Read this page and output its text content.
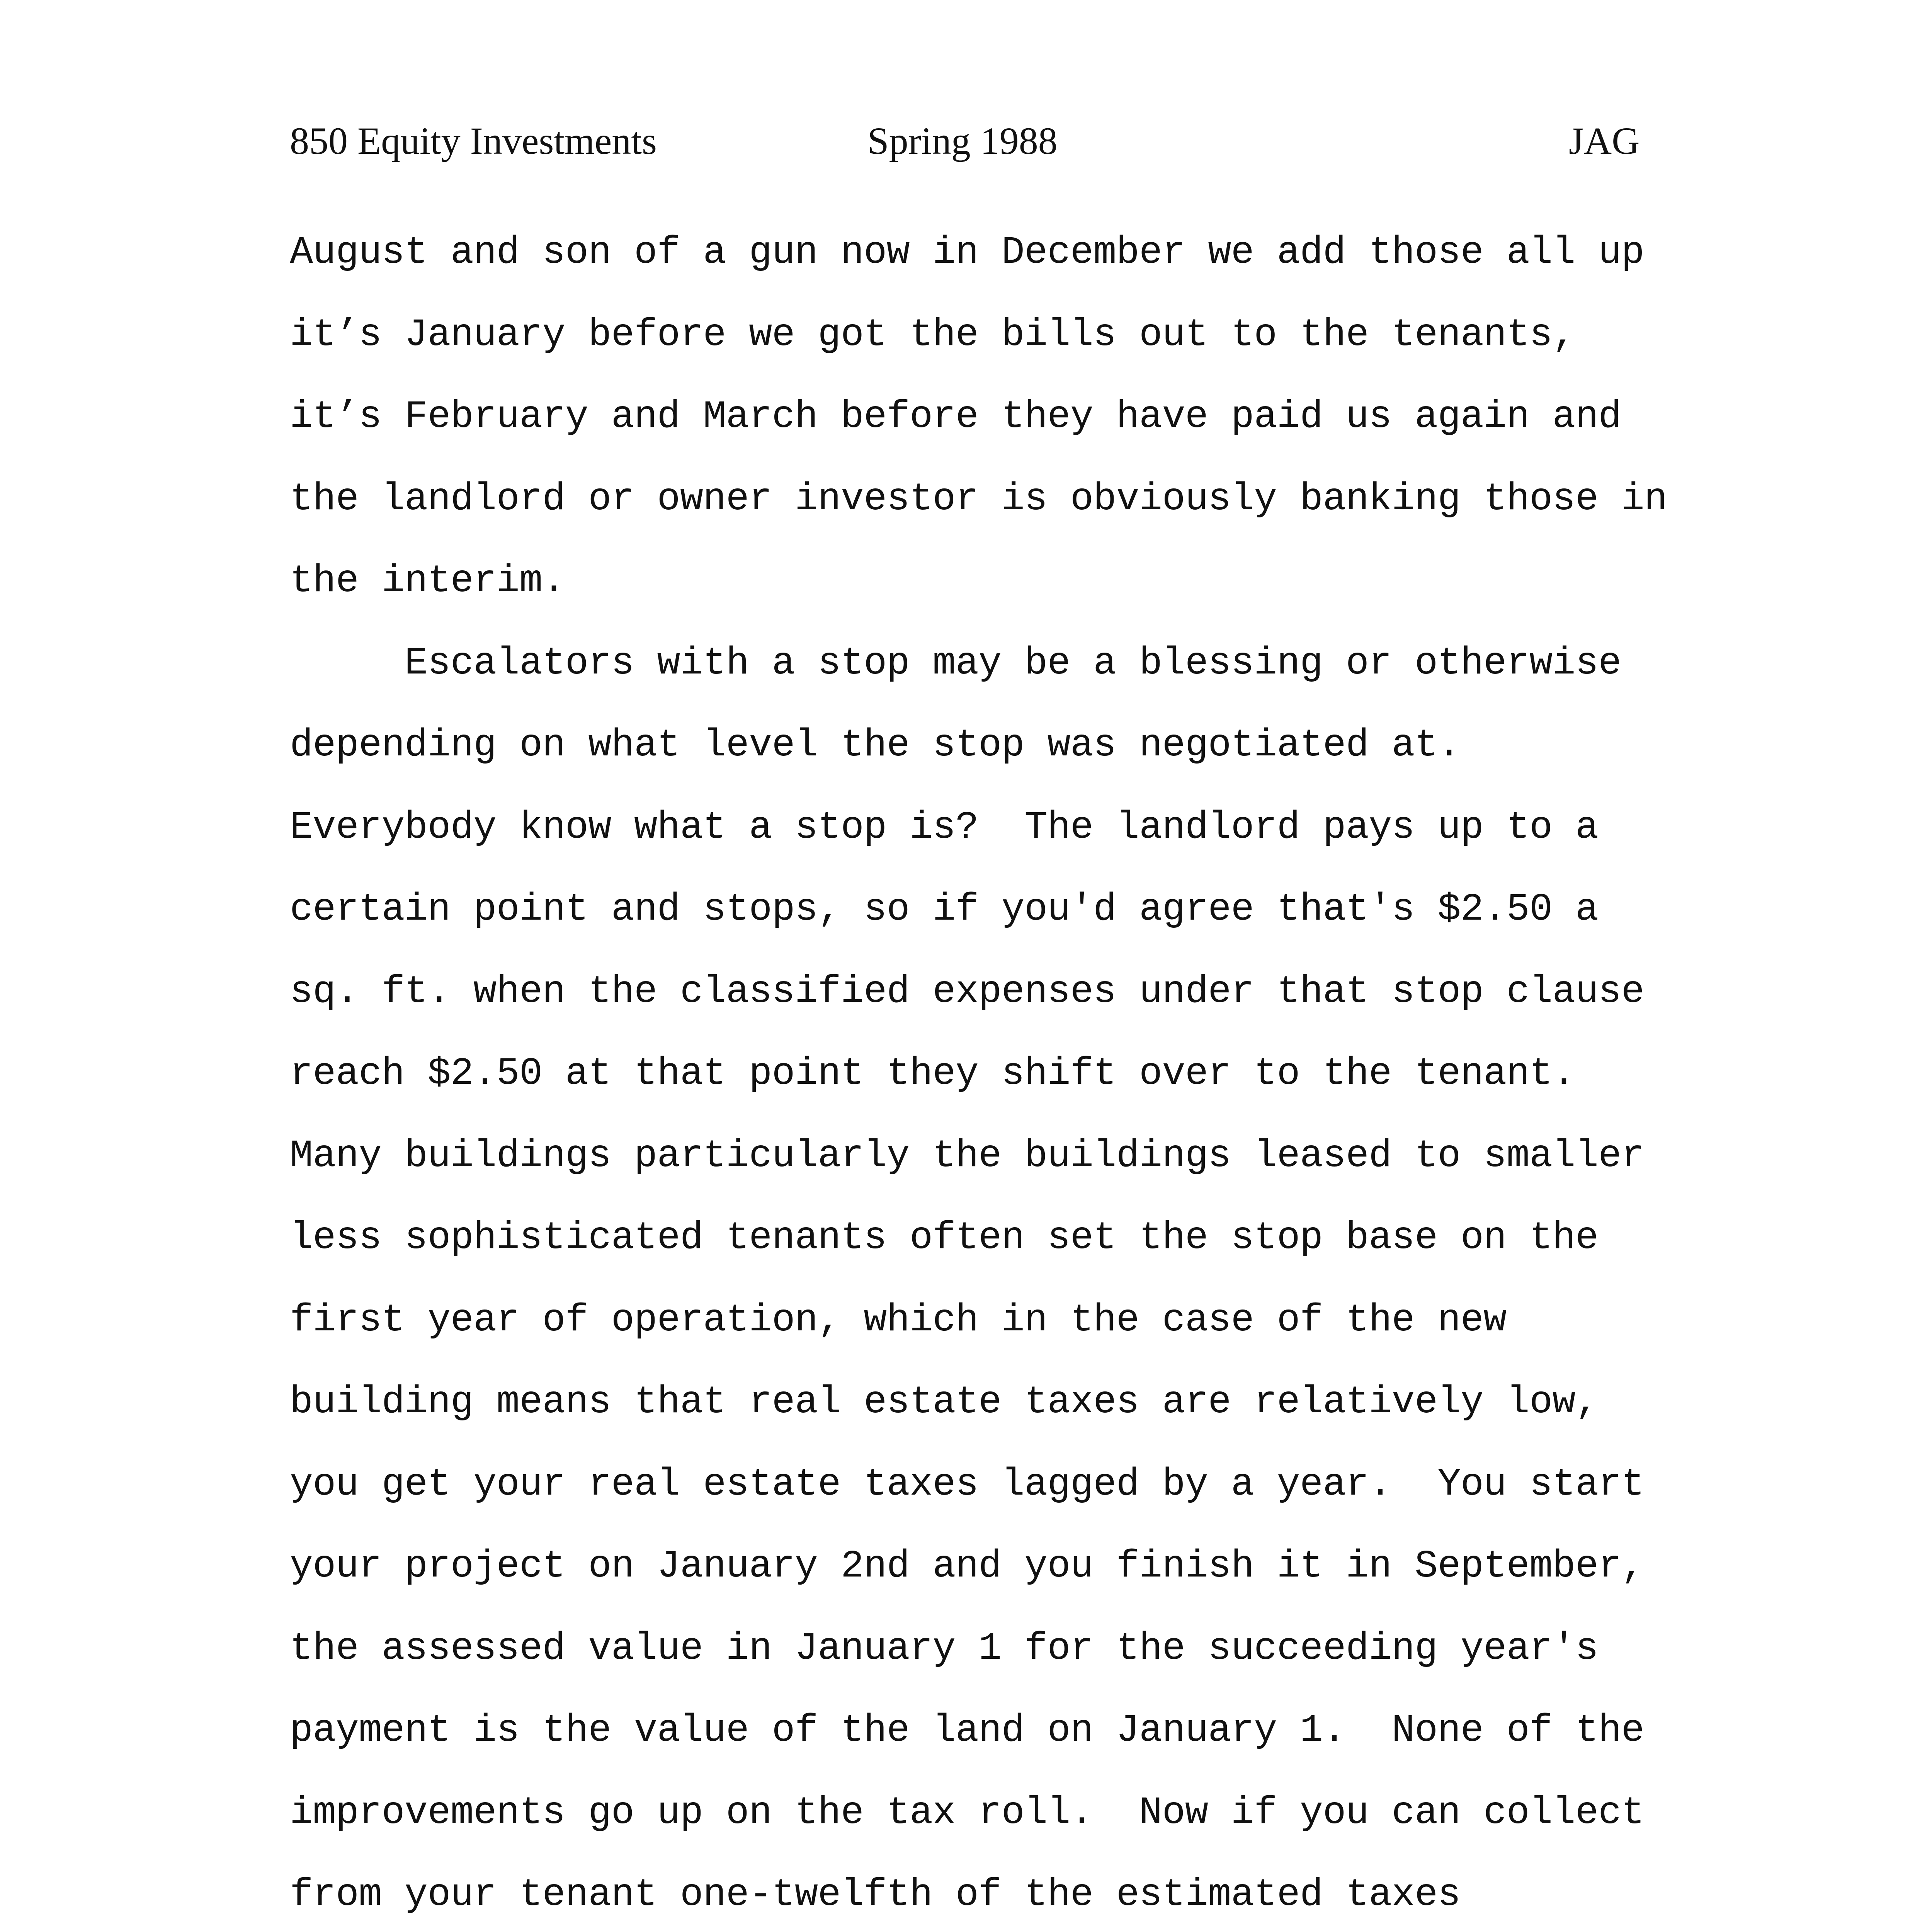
850 Equity Investments	Spring 1988	JAG
August and son of a gun now in December we add those all up
it’s January before we got the bills out to the tenants,
it’s February and March before they have paid us again and
the landlord or owner investor is obviously banking those in
the interim.
Escalators with a stop may be a blessing or otherwise
depending on what level the stop was negotiated at.
Everybody know what a stop is?  The landlord pays up to a
certain point and stops, so if you'd agree that's $2.50 a
sq. ft. when the classified expenses under that stop clause
reach $2.50 at that point they shift over to the tenant.
Many buildings particularly the buildings leased to smaller
less sophisticated tenants often set the stop base on the
first year of operation, which in the case of the new
building means that real estate taxes are relatively low,
you get your real estate taxes lagged by a year.  You start
your project on January 2nd and you finish it in September,
the assessed value in January 1 for the succeeding year's
payment is the value of the land on January 1.  None of the
improvements go up on the tax roll.  Now if you can collect
from your tenant one-twelfth of the estimated taxes
